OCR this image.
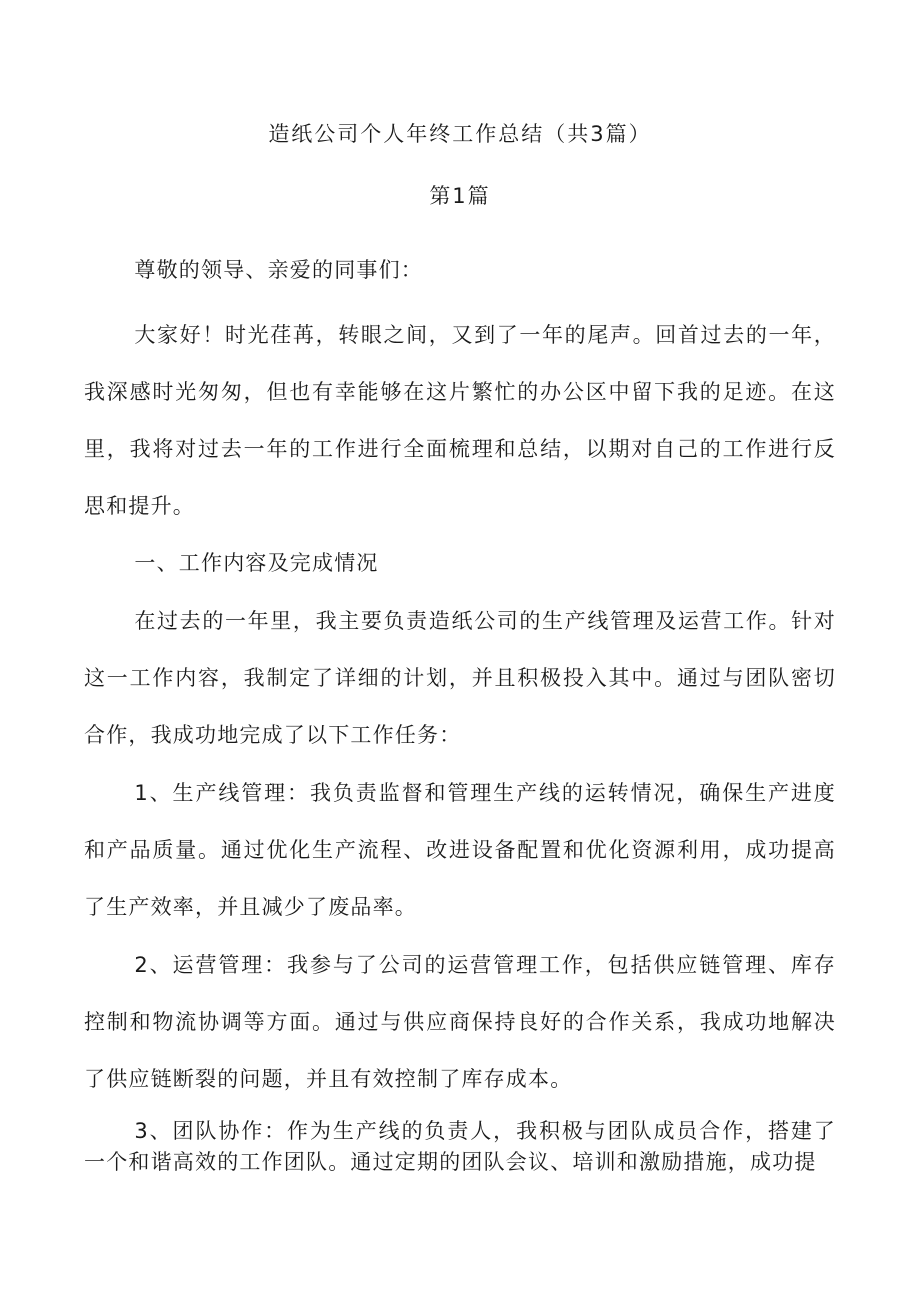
造纸公司个人年终工作总结（共3篇）
第1篇

尊敬的领导、亲爱的同事们：

大家好！时光荏苒，转眼之间，又到了一年的尾声。回首过去的一年，我深感时光匆匆，但也有幸能够在这片繁忙的办公区中留下我的足迹。在这里，我将对过去一年的工作进行全面梳理和总结，以期对自己的工作进行反思和提升。

一、工作内容及完成情况

在过去的一年里，我主要负责造纸公司的生产线管理及运营工作。针对这一工作内容，我制定了详细的计划，并且积极投入其中。通过与团队密切合作，我成功地完成了以下工作任务：

1、生产线管理：我负责监督和管理生产线的运转情况，确保生产进度和产品质量。通过优化生产流程、改进设备配置和优化资源利用，成功提高了生产效率，并且减少了废品率。

2、运营管理：我参与了公司的运营管理工作，包括供应链管理、库存控制和物流协调等方面。通过与供应商保持良好的合作关系，我成功地解决了供应链断裂的问题，并且有效控制了库存成本。

3、团队协作：作为生产线的负责人，我积极与团队成员合作，搭建了一个和谐高效的工作团队。通过定期的团队会议、培训和激励措施，成功提
